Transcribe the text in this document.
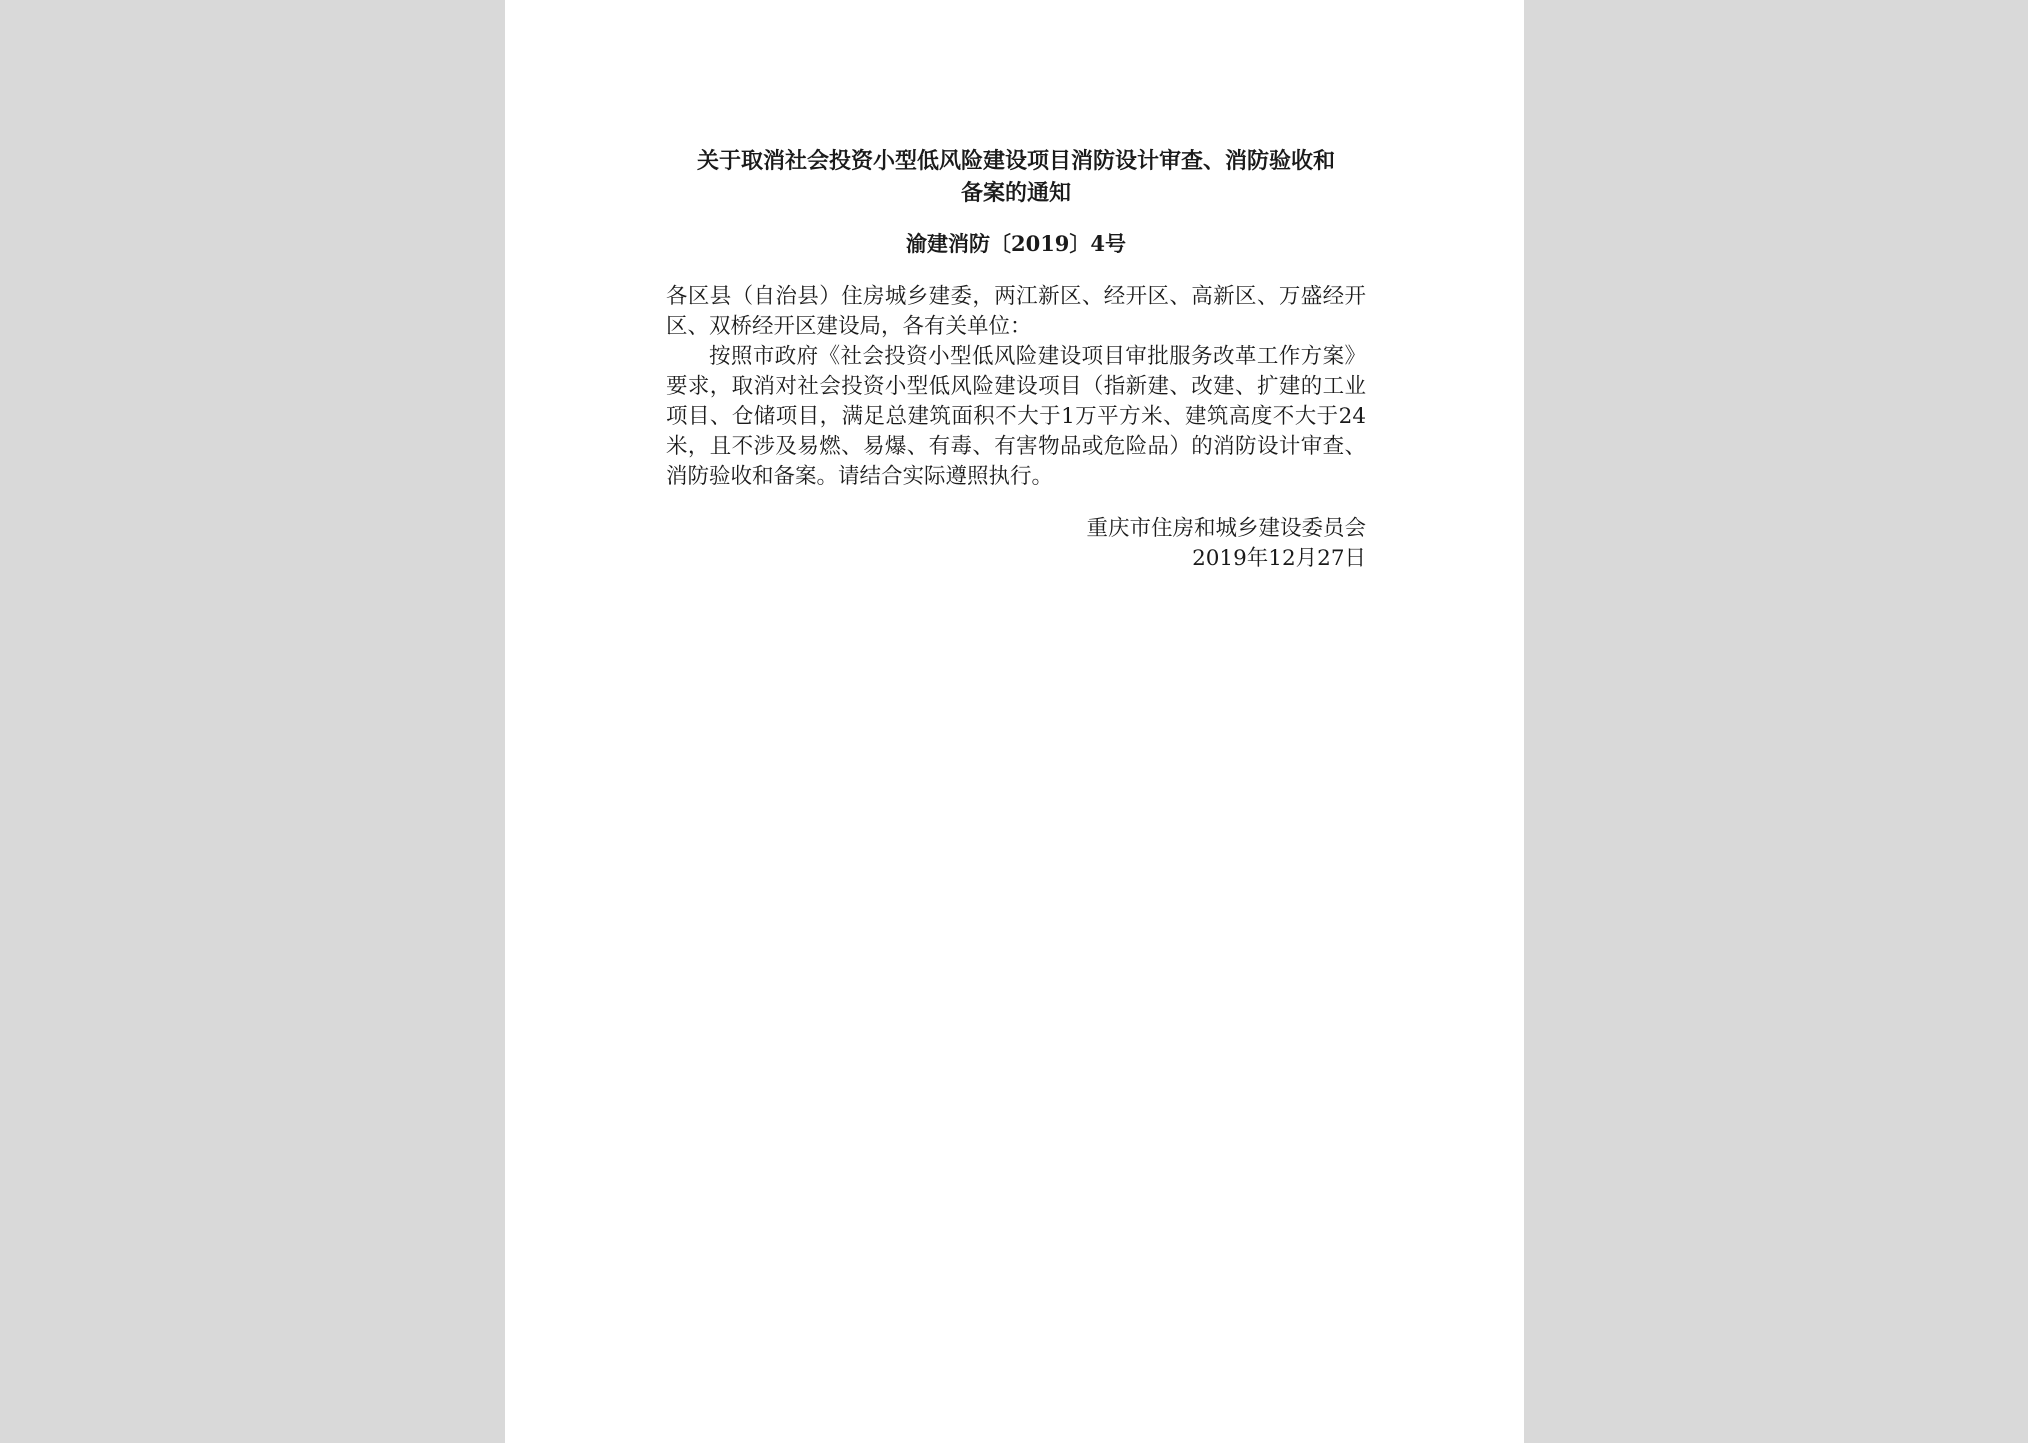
关于取消社会投资小型低风险建设项目消防设计审查、消防验收和
备案的通知
渝建消防〔2019〕4号

各区县（自治县）住房城乡建委，两江新区、经开区、高新区、万盛经开区、双桥经开区建设局，各有关单位：

按照市政府《社会投资小型低风险建设项目审批服务改革工作方案》要求，取消对社会投资小型低风险建设项目（指新建、改建、扩建的工业项目、仓储项目，满足总建筑面积不大于1万平方米、建筑高度不大于24米，且不涉及易燃、易爆、有毒、有害物品或危险品）的消防设计审查、消防验收和备案。请结合实际遵照执行。

重庆市住房和城乡建设委员会
2019年12月27日
